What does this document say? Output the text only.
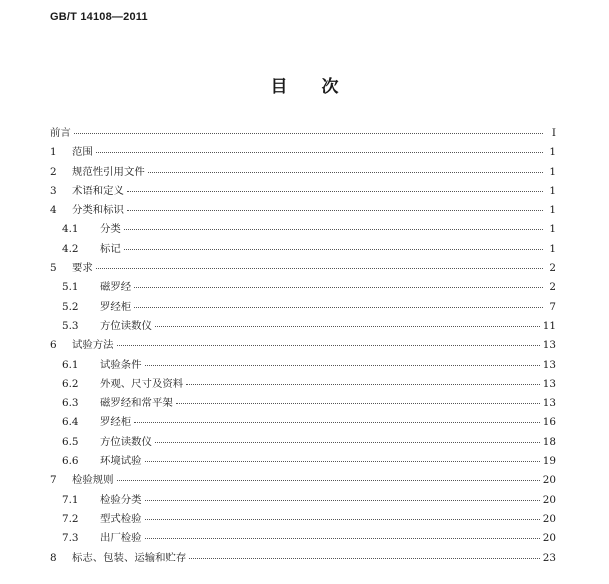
GB/T 14108—2011
目 次
前言	Ⅰ
1	范围	1
2	规范性引用文件	1
3	术语和定义	1
4	分类和标识	1
4.1	分类	1
4.2	标记	1
5	要求	2
5.1	磁罗经	2
5.2	罗经柜	7
5.3	方位读数仪	11
6	试验方法	13
6.1	试验条件	13
6.2	外观、尺寸及资料	13
6.3	磁罗经和常平架	13
6.4	罗经柜	16
6.5	方位读数仪	18
6.6	环境试验	19
7	检验规则	20
7.1	检验分类	20
7.2	型式检验	20
7.3	出厂检验	20
8	标志、包装、运输和贮存	23
